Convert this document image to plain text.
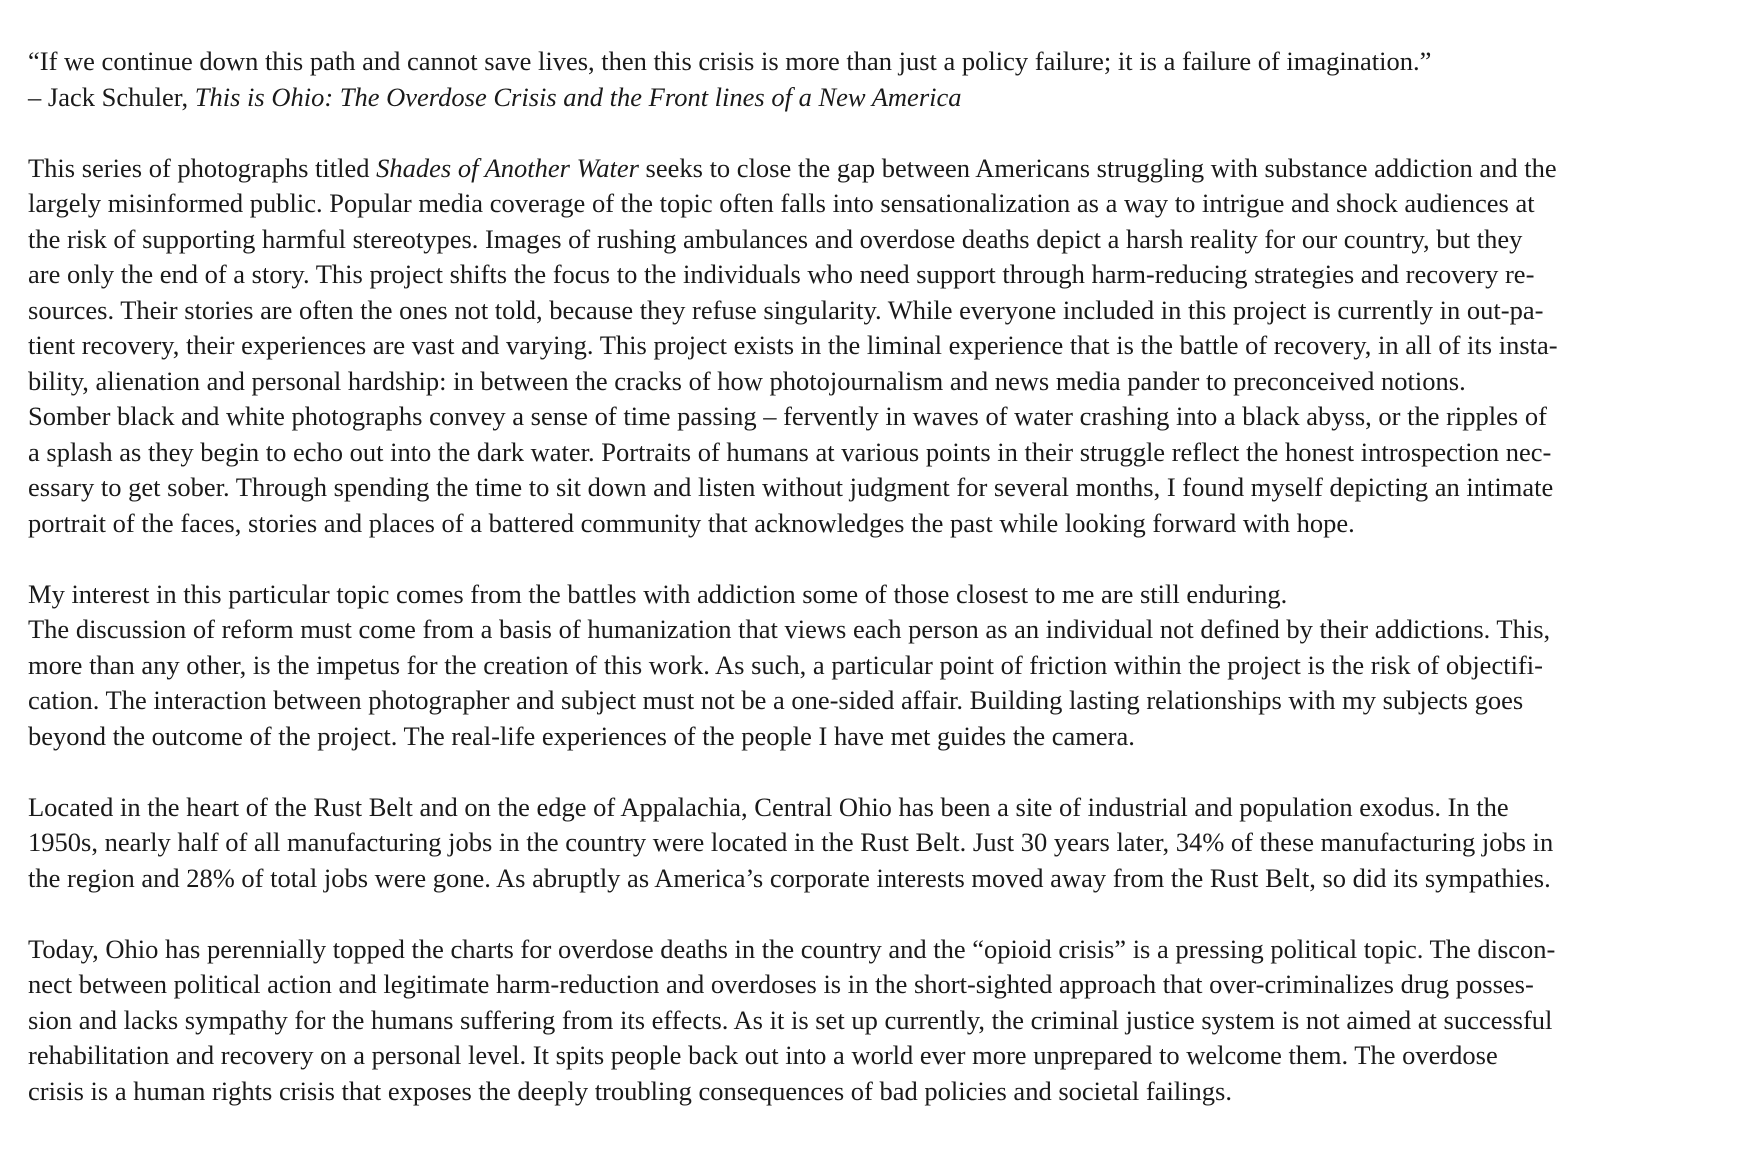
“If we continue down this path and cannot save lives, then this crisis is more than just a policy failure; it is a failure of imagination.”
– Jack Schuler, This is Ohio: The Overdose Crisis and the Front lines of a New America

This series of photographs titled Shades of Another Water seeks to close the gap between Americans struggling with substance addiction and the
largely misinformed public. Popular media coverage of the topic often falls into sensationalization as a way to intrigue and shock audiences at
the risk of supporting harmful stereotypes. Images of rushing ambulances and overdose deaths depict a harsh reality for our country, but they
are only the end of a story. This project shifts the focus to the individuals who need support through harm-reducing strategies and recovery re-
sources. Their stories are often the ones not told, because they refuse singularity. While everyone included in this project is currently in out-pa-
tient recovery, their experiences are vast and varying. This project exists in the liminal experience that is the battle of recovery, in all of its insta-
bility, alienation and personal hardship: in between the cracks of how photojournalism and news media pander to preconceived notions.
Somber black and white photographs convey a sense of time passing – fervently in waves of water crashing into a black abyss, or the ripples of
a splash as they begin to echo out into the dark water. Portraits of humans at various points in their struggle reflect the honest introspection nec-
essary to get sober. Through spending the time to sit down and listen without judgment for several months, I found myself depicting an intimate
portrait of the faces, stories and places of a battered community that acknowledges the past while looking forward with hope.

My interest in this particular topic comes from the battles with addiction some of those closest to me are still enduring.
The discussion of reform must come from a basis of humanization that views each person as an individual not defined by their addictions. This,
more than any other, is the impetus for the creation of this work. As such, a particular point of friction within the project is the risk of objectifi-
cation. The interaction between photographer and subject must not be a one-sided affair. Building lasting relationships with my subjects goes
beyond the outcome of the project. The real-life experiences of the people I have met guides the camera.

Located in the heart of the Rust Belt and on the edge of Appalachia, Central Ohio has been a site of industrial and population exodus. In the
1950s, nearly half of all manufacturing jobs in the country were located in the Rust Belt. Just 30 years later, 34% of these manufacturing jobs in
the region and 28% of total jobs were gone. As abruptly as America’s corporate interests moved away from the Rust Belt, so did its sympathies.

Today, Ohio has perennially topped the charts for overdose deaths in the country and the “opioid crisis” is a pressing political topic. The discon-
nect between political action and legitimate harm-reduction and overdoses is in the short-sighted approach that over-criminalizes drug posses-
sion and lacks sympathy for the humans suffering from its effects. As it is set up currently, the criminal justice system is not aimed at successful
rehabilitation and recovery on a personal level. It spits people back out into a world ever more unprepared to welcome them. The overdose
crisis is a human rights crisis that exposes the deeply troubling consequences of bad policies and societal failings.
